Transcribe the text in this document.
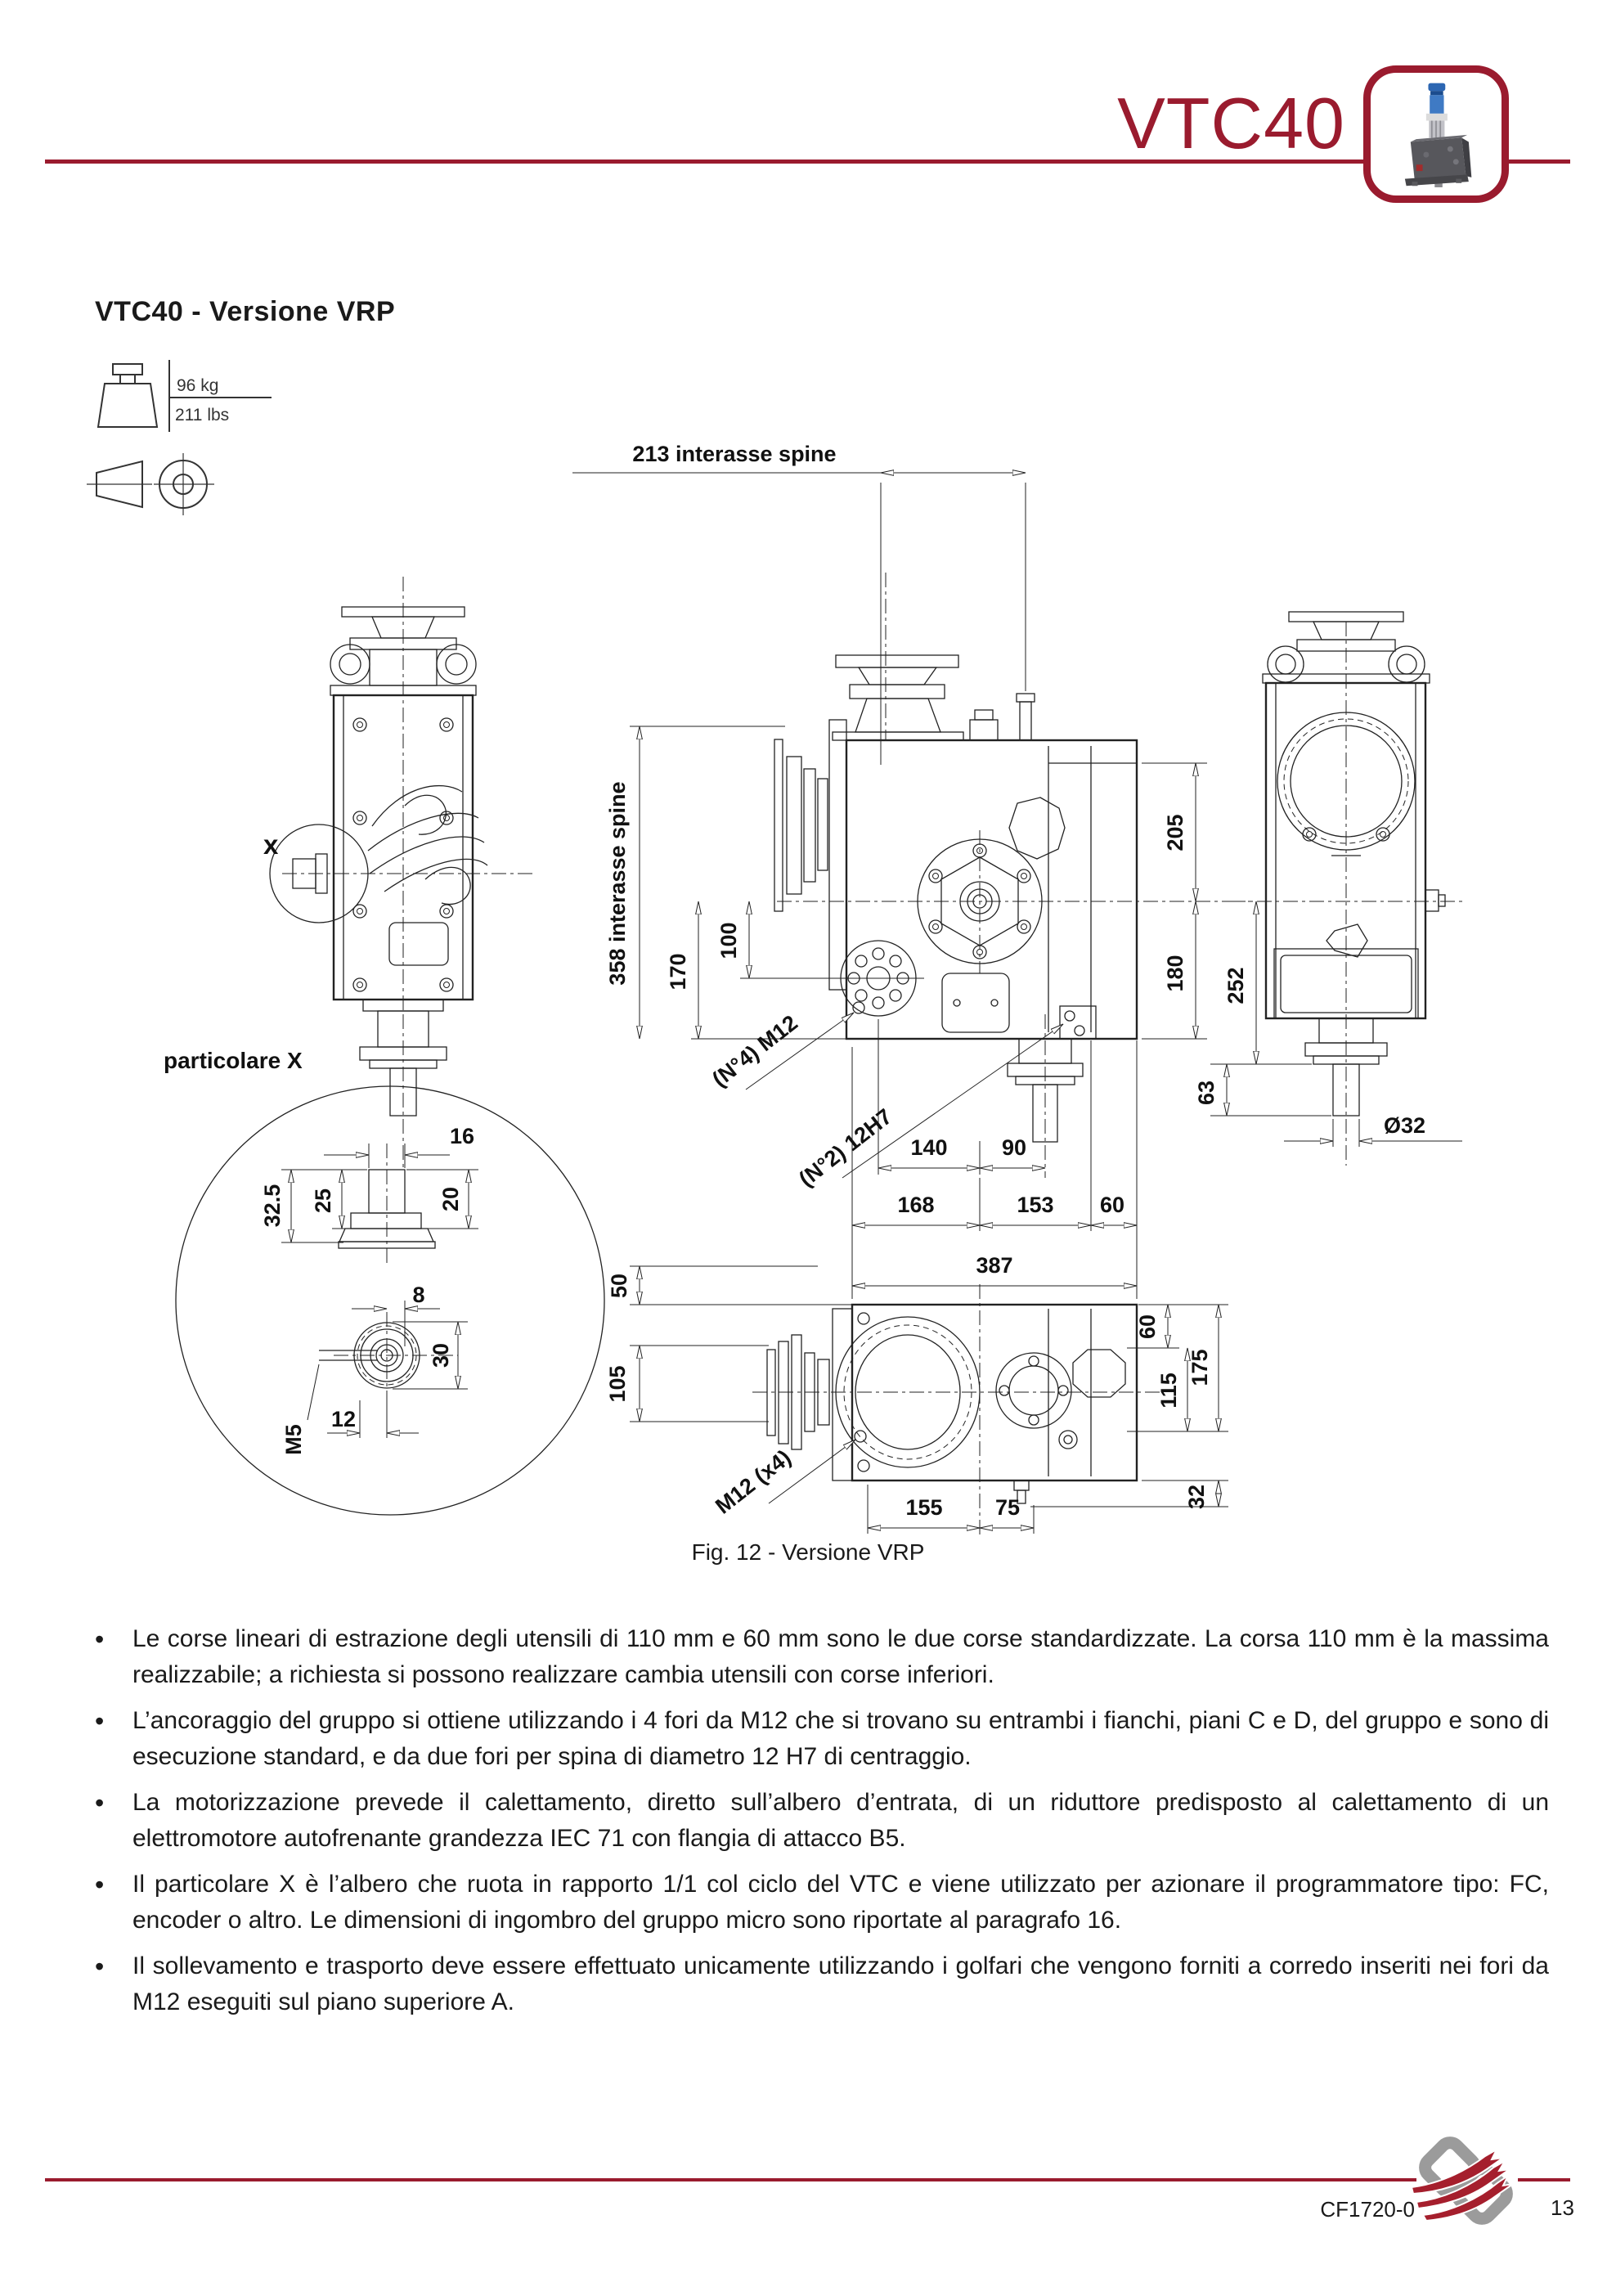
VTC40
VTC40 - Versione VRP
96 kg
211 lbs
x
particolare X
213 interasse spine
358 interasse spine 170
100
205
180 252
63
Ø32
140 90
168	153 60
387
50
105
155 75
60
115
175
32
(N°4) M12
(N°2) 12H7
M12 (x4)
16
20
25
32.5
8
30
12
M5
Fig. 12 - Versione VRP
• Le corse lineari di estrazione degli utensili di 110 mm e 60 mm sono le due corse standardizzate. La corsa 110 mm è la massima realizzabile; a richiesta si possono realizzare cambia utensili con corse inferiori.
• L’ancoraggio del gruppo si ottiene utilizzando i 4 fori da M12 che si trovano su entrambi i fianchi, piani C e D, del gruppo e sono di esecuzione standard, e da due fori per spina di diametro 12 H7 di centraggio.
• La motorizzazione prevede il calettamento, diretto sull’albero d’entrata, di un riduttore predisposto al calettamento di un elettromotore autofrenante grandezza IEC 71 con flangia di attacco B5.
• Il particolare X è l’albero che ruota in rapporto 1/1 col ciclo del VTC e viene utilizzato per azionare il programmatore tipo: FC, encoder o altro. Le dimensioni di ingombro del gruppo micro sono riportate al paragrafo 16.
• Il sollevamento e trasporto deve essere effettuato unicamente utilizzando i golfari che vengono forniti a corredo inseriti nei fori da M12 eseguiti sul piano superiore A.
CF1720-0	13
